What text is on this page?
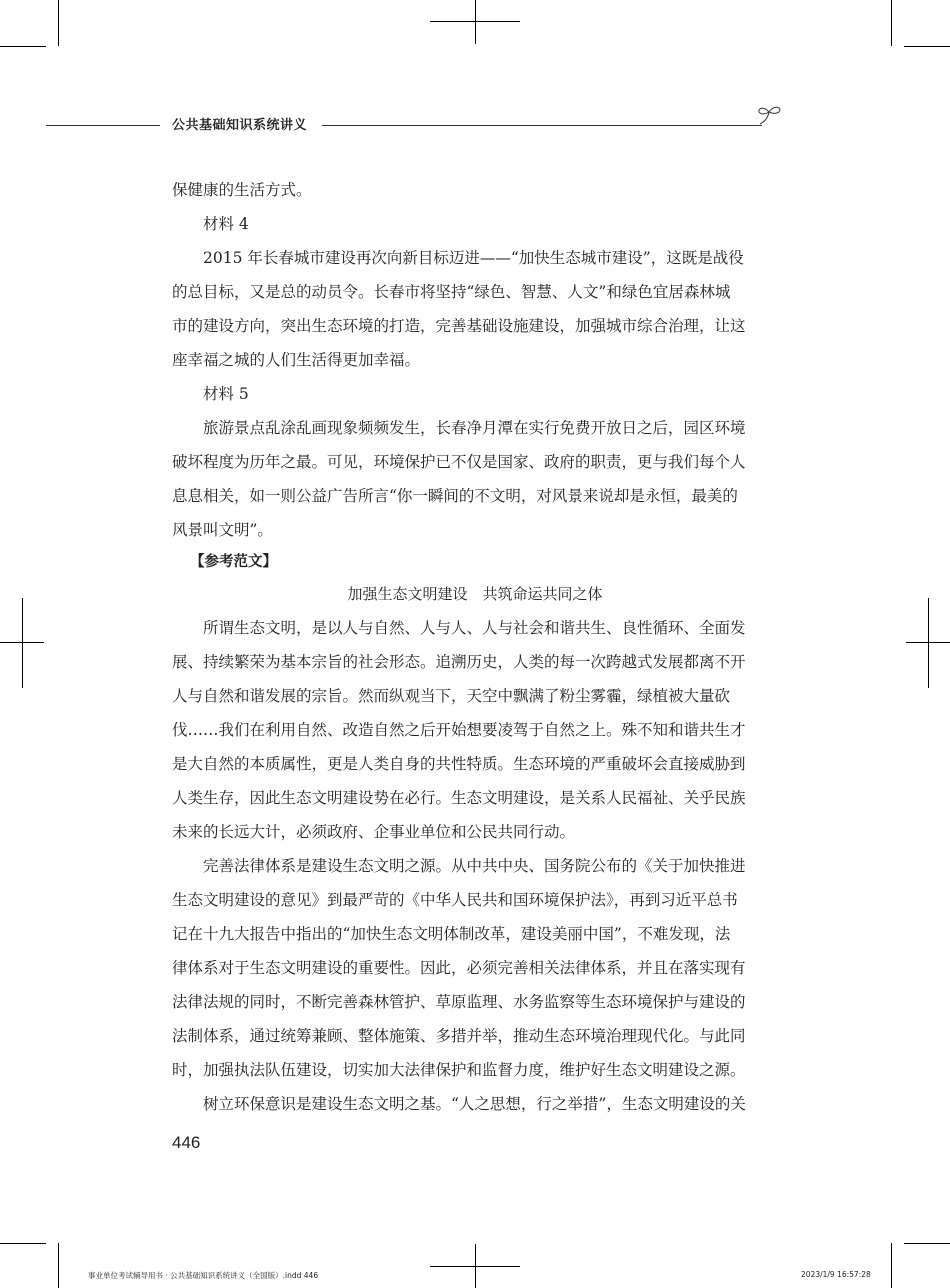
公共基础知识系统讲义
保健康的生活方式。
材料 4
2015 年长春城市建设再次向新目标迈进——“加快生态城市建设”，这既是战役
的总目标，又是总的动员令。长春市将坚持“绿色、智慧、人文”和绿色宜居森林城
市的建设方向，突出生态环境的打造，完善基础设施建设，加强城市综合治理，让这
座幸福之城的人们生活得更加幸福。
材料 5
旅游景点乱涂乱画现象频频发生，长春净月潭在实行免费开放日之后，园区环境
破坏程度为历年之最。可见，环境保护已不仅是国家、政府的职责，更与我们每个人
息息相关，如一则公益广告所言“你一瞬间的不文明，对风景来说却是永恒，最美的
风景叫文明”。
【参考范文】
加强生态文明建设　共筑命运共同之体
所谓生态文明，是以人与自然、人与人、人与社会和谐共生、良性循环、全面发
展、持续繁荣为基本宗旨的社会形态。追溯历史，人类的每一次跨越式发展都离不开
人与自然和谐发展的宗旨。然而纵观当下，天空中飘满了粉尘雾霾，绿植被大量砍
伐……我们在利用自然、改造自然之后开始想要凌驾于自然之上。殊不知和谐共生才
是大自然的本质属性，更是人类自身的共性特质。生态环境的严重破坏会直接威胁到
人类生存，因此生态文明建设势在必行。生态文明建设，是关系人民福祉、关乎民族
未来的长远大计，必须政府、企事业单位和公民共同行动。
完善法律体系是建设生态文明之源。从中共中央、国务院公布的《关于加快推进
生态文明建设的意见》到最严苛的《中华人民共和国环境保护法》，再到习近平总书
记在十九大报告中指出的“加快生态文明体制改革，建设美丽中国”，不难发现，法
律体系对于生态文明建设的重要性。因此，必须完善相关法律体系，并且在落实现有
法律法规的同时，不断完善森林管护、草原监理、水务监察等生态环境保护与建设的
法制体系，通过统筹兼顾、整体施策、多措并举，推动生态环境治理现代化。与此同
时，加强执法队伍建设，切实加大法律保护和监督力度，维护好生态文明建设之源。
树立环保意识是建设生态文明之基。“人之思想，行之举措”，生态文明建设的关
446
事业单位考试辅导用书 · 公共基础知识系统讲义（全国版）.indd 446	2023/1/9 16:57:28
